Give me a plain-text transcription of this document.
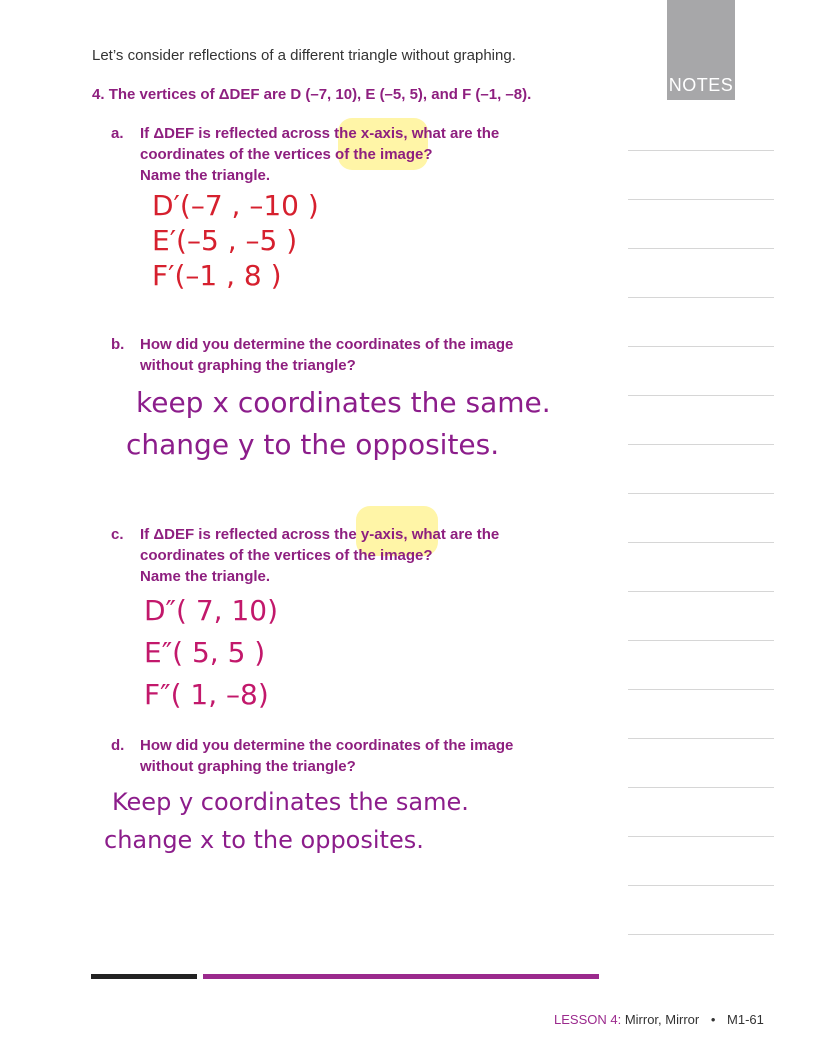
NOTES
Let’s consider reflections of a different triangle without graphing.
4. The vertices of ΔDEF are D (–7, 10), E (–5, 5), and F (–1, –8).
a. If ΔDEF is reflected across the x-axis, what are the
coordinates of the vertices of the image?
Name the triangle.
D′(–7 , –10 )
E′(–5 , –5 )
F′(–1 , 8 )
b. How did you determine the coordinates of the image
without graphing the triangle?
keep x coordinates the same.
change y to the opposites.
c. If ΔDEF is reflected across the y-axis, what are the
coordinates of the vertices of the image?
Name the triangle.
D″( 7, 10)
E″( 5, 5 )
F″( 1, –8)
d. How did you determine the coordinates of the image
without graphing the triangle?
Keep y coordinates the same.
change x to the opposites.
LESSON 4: Mirror, Mirror • M1-61
